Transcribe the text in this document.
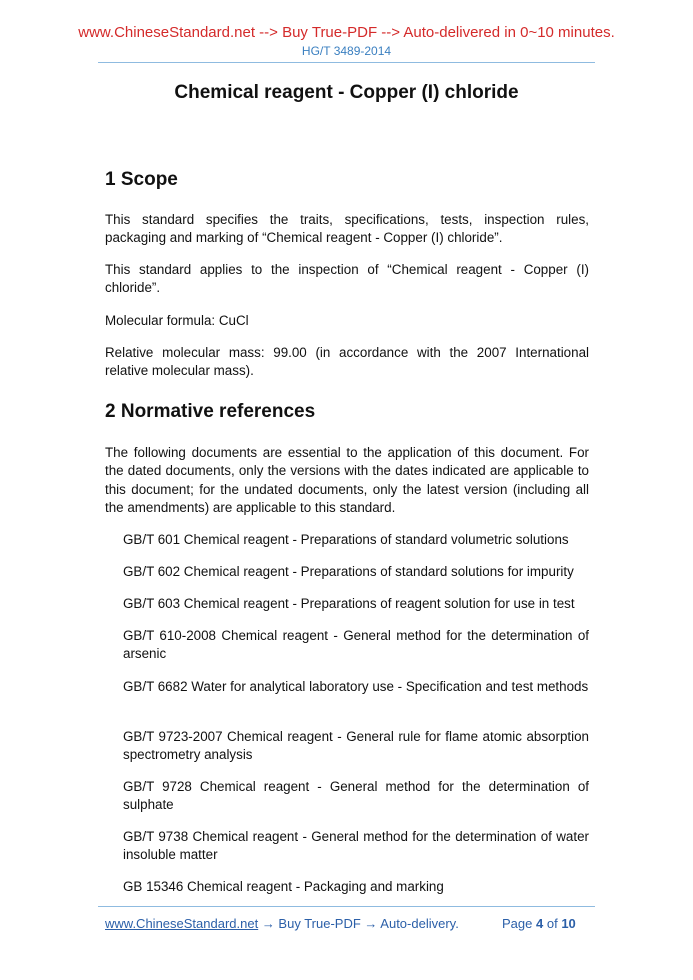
www.ChineseStandard.net --> Buy True-PDF --> Auto-delivered in 0~10 minutes.
HG/T 3489-2014
Chemical reagent - Copper (I) chloride
1 Scope
This standard specifies the traits, specifications, tests, inspection rules, packaging and marking of “Chemical reagent - Copper (I) chloride”.
This standard applies to the inspection of “Chemical reagent - Copper (I) chloride”.
Molecular formula: CuCl
Relative molecular mass: 99.00 (in accordance with the 2007 International relative molecular mass).
2 Normative references
The following documents are essential to the application of this document. For the dated documents, only the versions with the dates indicated are applicable to this document; for the undated documents, only the latest version (including all the amendments) are applicable to this standard.
GB/T 601 Chemical reagent - Preparations of standard volumetric solutions
GB/T 602 Chemical reagent - Preparations of standard solutions for impurity
GB/T 603 Chemical reagent - Preparations of reagent solution for use in test
GB/T 610-2008 Chemical reagent - General method for the determination of arsenic
GB/T 6682 Water for analytical laboratory use - Specification and test methods
GB/T 9723-2007 Chemical reagent - General rule for flame atomic absorption spectrometry analysis
GB/T 9728 Chemical reagent - General method for the determination of sulphate
GB/T 9738 Chemical reagent - General method for the determination of water insoluble matter
GB 15346 Chemical reagent - Packaging and marking
www.ChineseStandard.net → Buy True-PDF → Auto-delivery.	Page 4 of 10
